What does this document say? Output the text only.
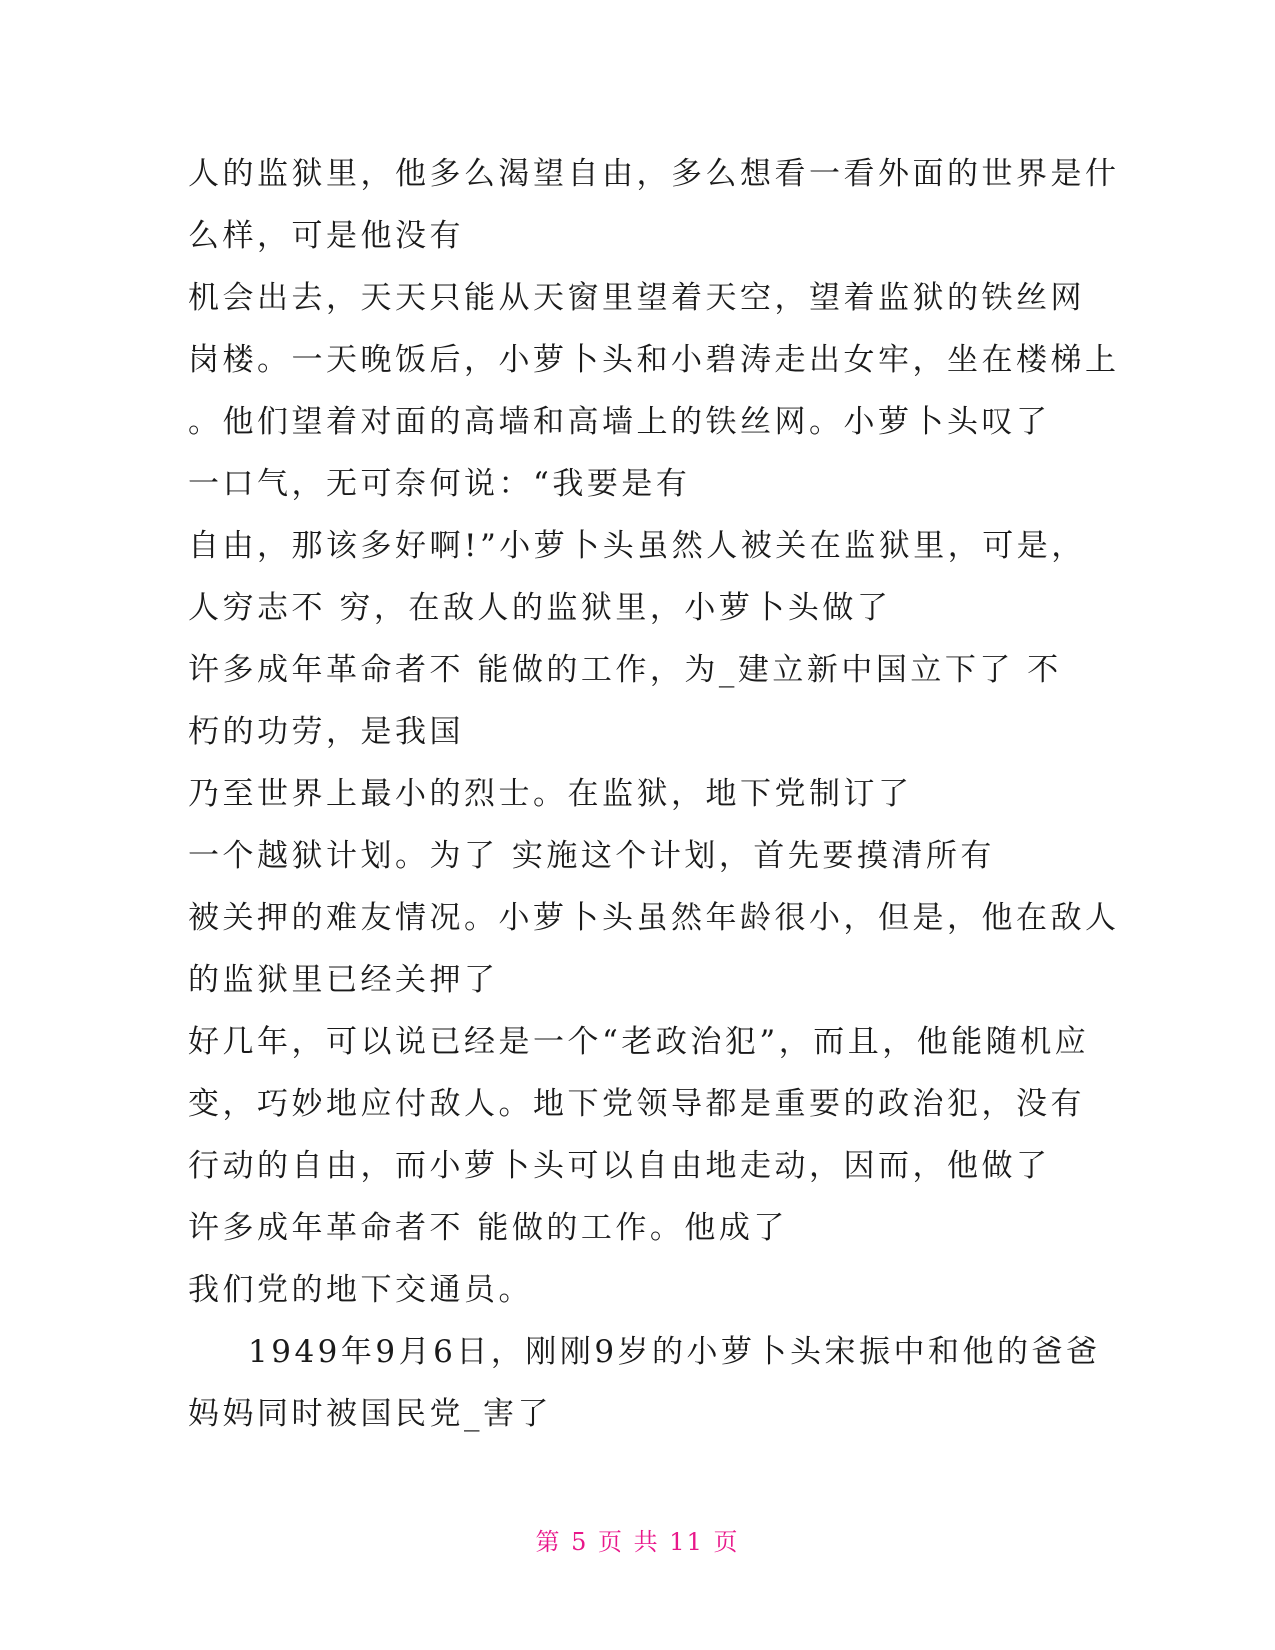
人的监狱里，他多么渴望自由，多么想看一看外面的世界是什
么样，可是他没有
机会出去，天天只能从天窗里望着天空，望着监狱的铁丝网
岗楼。一天晚饭后，小萝卜头和小碧涛走出女牢，坐在楼梯上
。他们望着对面的高墙和高墙上的铁丝网。小萝卜头叹了
一口气，无可奈何说：“我要是有
自由，那该多好啊!”小萝卜头虽然人被关在监狱里，可是，
人穷志不 穷，在敌人的监狱里，小萝卜头做了
许多成年革命者不 能做的工作，为_建立新中国立下了 不
朽的功劳，是我国
乃至世界上最小的烈士。在监狱，地下党制订了
一个越狱计划。为了 实施这个计划，首先要摸清所有
被关押的难友情况。小萝卜头虽然年龄很小，但是，他在敌人
的监狱里已经关押了
好几年，可以说已经是一个“老政治犯”，而且，他能随机应
变，巧妙地应付敌人。地下党领导都是重要的政治犯，没有
行动的自由，而小萝卜头可以自由地走动，因而，他做了
许多成年革命者不 能做的工作。他成了
我们党的地下交通员。
1949年9月6日，刚刚9岁的小萝卜头宋振中和他的爸爸
妈妈同时被国民党_害了
第 5 页 共 11 页
